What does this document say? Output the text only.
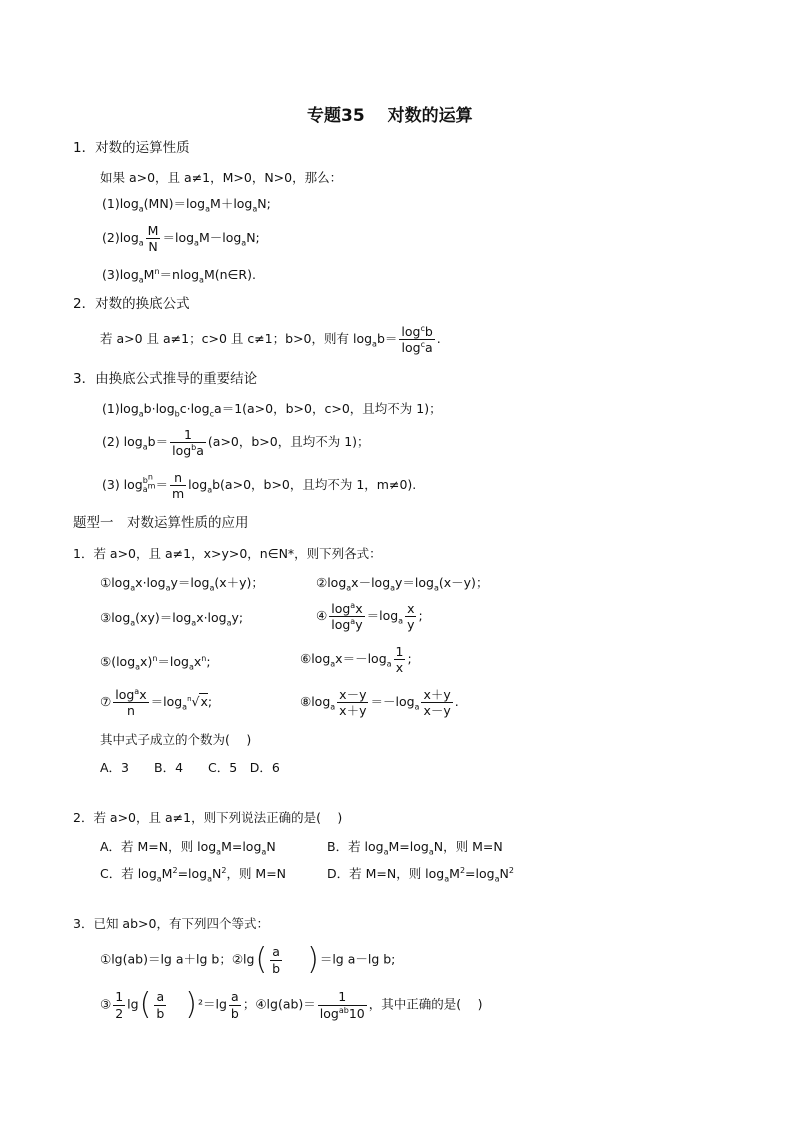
专题35　 对数的运算
1．对数的运算性质
如果 a>0，且 a≠1，M>0，N>0，那么：
$(1)\log_a(MN)=\log_aM+\log_aN$;
$(2)\log_a \frac{M}{N} =\log_aM-\log_aN$;
$(3)\log_aM^n=nlog_aM(n\in R)$.
2．对数的换底公式
若 a>0 且 a≠1；c>0 且 c≠1；b>0，则有 $\log_ab= \frac{\log^cb}{\log^ca}$ .
3．由换底公式推导的重要结论
$(1)\log_ab\cdot\log_bc\cdot\log_ca=1(a>0$，b>0，c>0，且均不为 1)；
(2) $\log_ab= \frac{1}{\log^ba} (a>0$，b>0，且均不为 1)；
(3) $\log b^n$
$a^m = \frac{n}{m} \log_ab(a>0$，b>0，且均不为 1，m≠0).
题型一　对数运算性质的应用
1．若 a>0，且 a≠1，x>y>0，n∈N*，则下列各式：
$①\log_ax\cdot\log_ay=\log_a(x+y)$；	$②\log_ax-\log_ay=\log_a(x-y)$；
$③\log_a(xy)=\log_ax\cdot\log_ay$;	④ $\frac{\log^ax}{\log^ay} =\log_a \frac{x}{y}$ ;
$⑤(\log_ax)^n=\log_ax^n$;	$⑥\log_ax=-\log_a \frac{1}{x}$ ;
⑦ $\frac{\log^ax}{n} =\log_a^n√x$;	$⑧\log_a \frac{x-y}{x+y} =-\log_a \frac{x+y}{x-y}$ .
其中式子成立的个数为(　 )
A．3　　B．4　　C．5　D．6
2．若 a>0，且 a≠1，则下列说法正确的是(　 )
A．若 M=N，则 $\log_aM=\log_aN$	B．若 $\log_aM=\log_aN$，则 M=N
C．若 $\log_aM^2=\log_aN^2$，则 M=N	D．若 M=N，则 $\log_aM^2=\log_aN^2$
3．已知 ab>0，有下列四个等式：
①lg(ab)＝lg a＋lg b；②lg( $\frac{a}{b} )=\lg$ a－lg b;
③ $\frac{1}{2} \lg( \frac{a}{b} )^2=\lg \frac{a}{b}$ ；④lg(ab)＝ $\frac{1}{\log^{ab}10}$ ，其中正确的是(　 )
